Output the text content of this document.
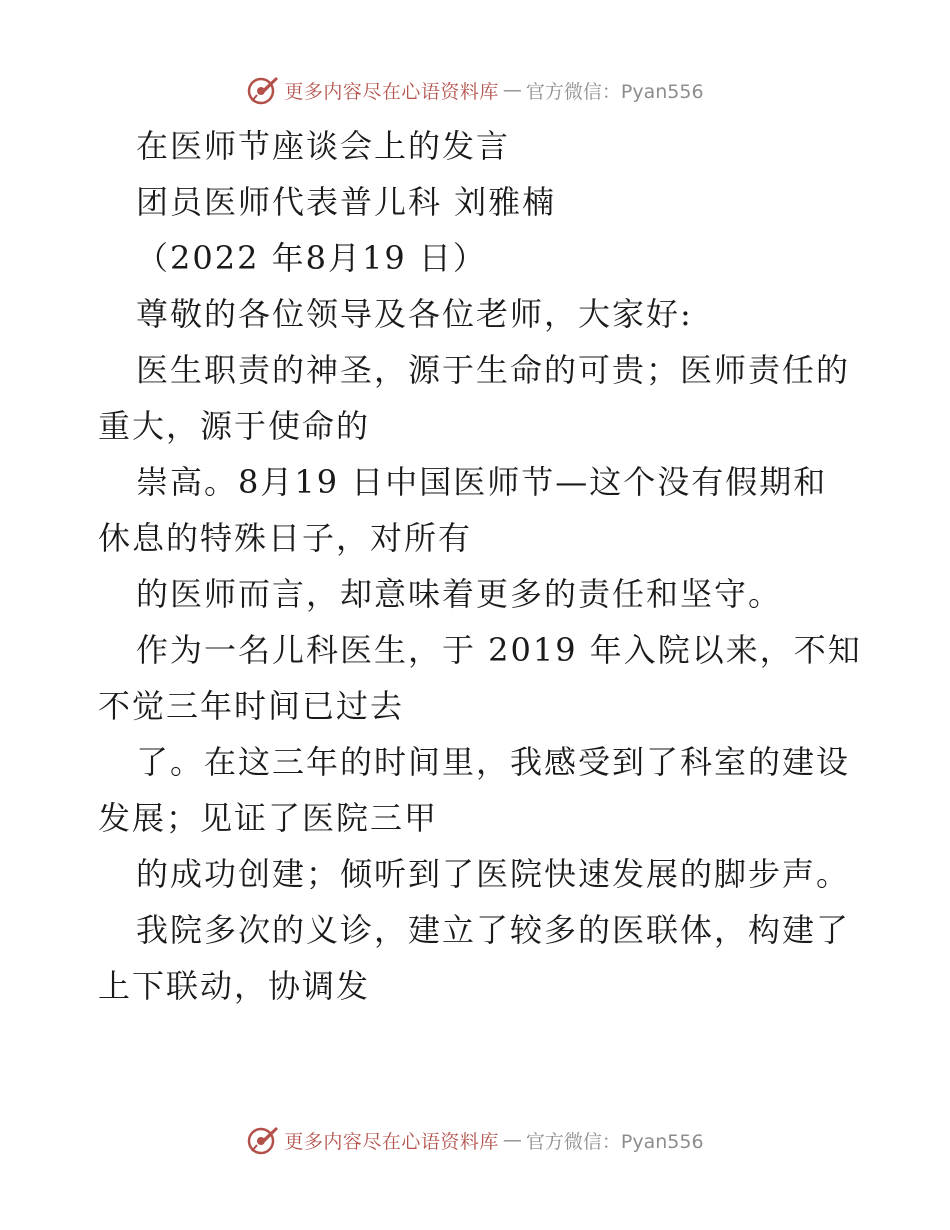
更多内容尽在心语资料库 — 官方微信：Pyan556
在医师节座谈会上的发言
团员医师代表普儿科 刘雅楠
（2022 年8月19 日）
尊敬的各位领导及各位老师，大家好:
医生职责的神圣，源于生命的可贵；医师责任的
重大，源于使命的
崇高。8月19 日中国医师节—这个没有假期和
休息的特殊日子，对所有
的医师而言，却意味着更多的责任和坚守。
作为一名儿科医生，于 2019 年入院以来，不知
不觉三年时间已过去
了。在这三年的时间里，我感受到了科室的建设
发展；见证了医院三甲
的成功创建；倾听到了医院快速发展的脚步声。
我院多次的义诊，建立了较多的医联体，构建了
上下联动，协调发
更多内容尽在心语资料库 — 官方微信：Pyan556
